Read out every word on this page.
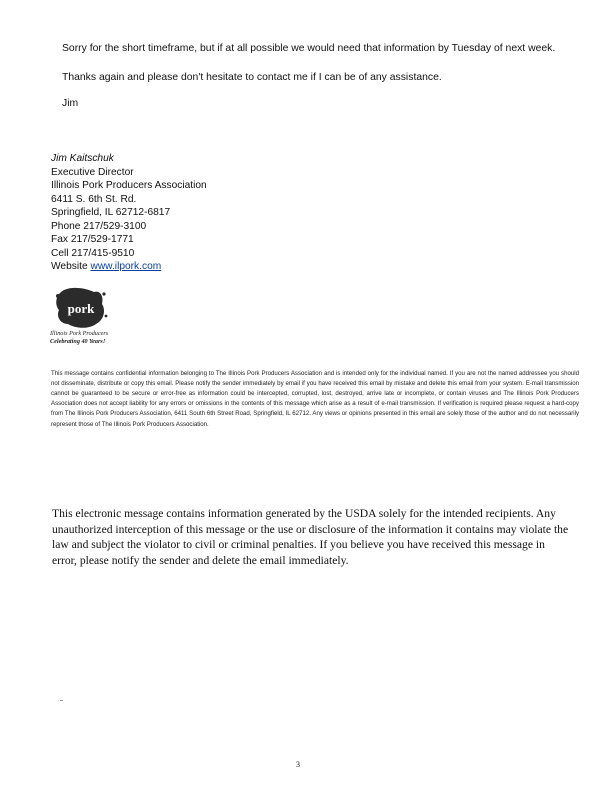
Sorry for the short timeframe, but if at all possible we would need that information by Tuesday of next week.

Thanks again and please don't hesitate to contact me if I can be of any assistance.

Jim

Jim Kaitschuk
Executive Director
Illinois Pork Producers Association
6411 S. 6th St. Rd.
Springfield, IL 62712-6817
Phone 217/529-3100
Fax 217/529-1771
Cell 217/415-9510
Website www.ilpork.com
pork
Illinois Pork Producers
Celebrating 40 Years!

This message contains confidential information belonging to The Illinois Pork Producers Association and is intended only for the individual named. If you are not the named addressee you should not disseminate, distribute or copy this email. Please notify the sender immediately by email if you have received this email by mistake and delete this email from your system. E-mail transmission cannot be guaranteed to be secure or error-free as information could be intercepted, corrupted, lost, destroyed, arrive late or incomplete, or contain viruses and The Illinois Pork Producers Association does not accept liability for any errors or omissions in the contents of this message which arise as a result of e-mail transmission. If verification is required please request a hard-copy from The Illinois Pork Producers Association, 6411 South 6th Street Road, Springfield, IL 62712. Any views or opinions presented in this email are solely those of the author and do not necessarily represent those of The Illinois Pork Producers Association.

This electronic message contains information generated by the USDA solely for the intended recipients. Any unauthorized interception of this message or the use or disclosure of the information it contains may violate the law and subject the violator to civil or criminal penalties. If you believe you have received this message in error, please notify the sender and delete the email immediately.

3
